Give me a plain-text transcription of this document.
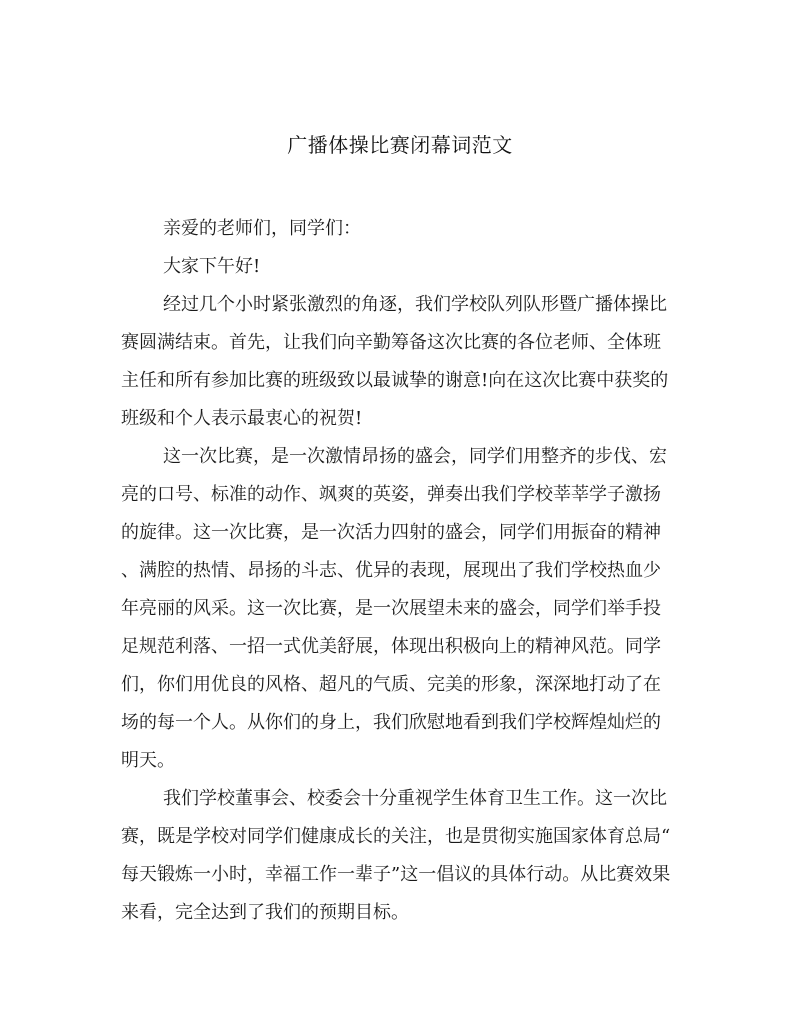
广播体操比赛闭幕词范文
亲爱的老师们，同学们：
大家下午好!
经过几个小时紧张激烈的角逐，我们学校队列队形暨广播体操比
赛圆满结束。首先，让我们向辛勤筹备这次比赛的各位老师、全体班
主任和所有参加比赛的班级致以最诚挚的谢意!向在这次比赛中获奖的
班级和个人表示最衷心的祝贺!
这一次比赛，是一次激情昂扬的盛会，同学们用整齐的步伐、宏
亮的口号、标准的动作、飒爽的英姿，弹奏出我们学校莘莘学子激扬
的旋律。这一次比赛，是一次活力四射的盛会，同学们用振奋的精神
、满腔的热情、昂扬的斗志、优异的表现，展现出了我们学校热血少
年亮丽的风采。这一次比赛，是一次展望未来的盛会，同学们举手投
足规范利落、一招一式优美舒展，体现出积极向上的精神风范。同学
们，你们用优良的风格、超凡的气质、完美的形象，深深地打动了在
场的每一个人。从你们的身上，我们欣慰地看到我们学校辉煌灿烂的
明天。
我们学校董事会、校委会十分重视学生体育卫生工作。这一次比
赛，既是学校对同学们健康成长的关注，也是贯彻实施国家体育总局“
每天锻炼一小时，幸福工作一辈子”这一倡议的具体行动。从比赛效果
来看，完全达到了我们的预期目标。
